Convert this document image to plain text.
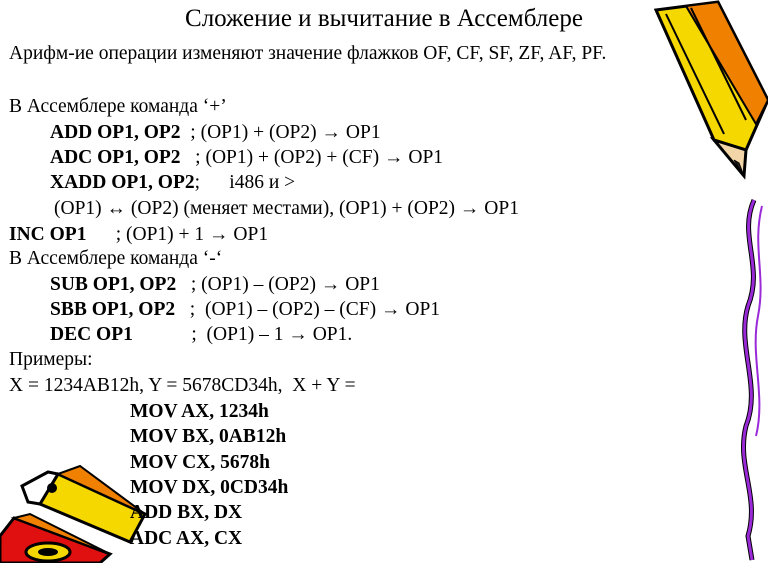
Сложение и вычитание в Ассемблере
Арифм-ие операции изменяют значение флажков OF, CF, SF, ZF, AF, PF.
В Ассемблере команда ‘+’
ADD OP1, OP2  ; (OP1) + (OP2) → OP1
ADC OP1, OP2   ; (OP1) + (OP2) + (CF) → OP1
XADD OP1, OP2;      i486 и >
(OP1) ↔ (OP2) (меняет местами), (OP1) + (OP2) → OP1
INC OP1      ; (OP1) + 1 → OP1
В Ассемблере команда ‘-‘
SUB OP1, OP2   ; (OP1) – (OP2) → OP1
SBB OP1, OP2   ;  (OP1) – (OP2) – (CF) → OP1
DEC OP1            ;  (OP1) – 1 → OP1.
Примеры:
X = 1234AB12h, Y = 5678CD34h,  X + Y =
MOV AX, 1234h
MOV BX, 0AB12h
MOV CX, 5678h
MOV DX, 0CD34h
ADD BX, DX
ADC AX, CX
